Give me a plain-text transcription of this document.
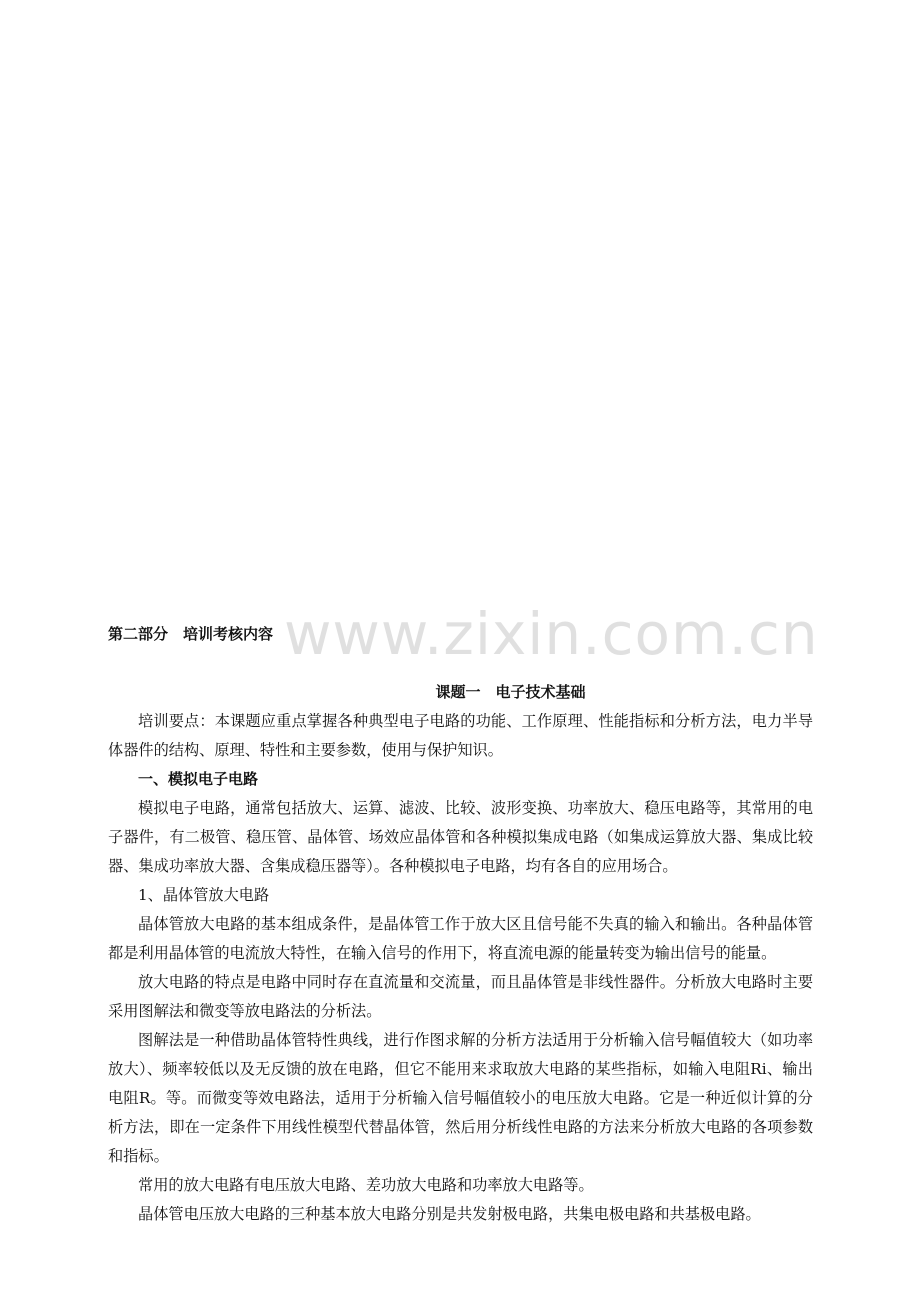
www.zixin.com.cn
第二部分　培训考核内容
课题一　电子技术基础

培训要点：本课题应重点掌握各种典型电子电路的功能、工作原理、性能指标和分析方法，电力半导体器件的结构、原理、特性和主要参数，使用与保护知识。

一、模拟电子电路

模拟电子电路，通常包括放大、运算、滤波、比较、波形变换、功率放大、稳压电路等，其常用的电子器件，有二极管、稳压管、晶体管、场效应晶体管和各种模拟集成电路（如集成运算放大器、集成比较器、集成功率放大器、含集成稳压器等）。各种模拟电子电路，均有各自的应用场合。

1、晶体管放大电路

晶体管放大电路的基本组成条件，是晶体管工作于放大区且信号能不失真的输入和输出。各种晶体管都是利用晶体管的电流放大特性，在输入信号的作用下，将直流电源的能量转变为输出信号的能量。

放大电路的特点是电路中同时存在直流量和交流量，而且晶体管是非线性器件。分析放大电路时主要采用图解法和微变等放电路法的分析法。

图解法是一种借助晶体管特性典线，进行作图求解的分析方法适用于分析输入信号幅值较大（如功率放大）、频率较低以及无反馈的放在电路，但它不能用来求取放大电路的某些指标，如输入电阻Ri、输出电阻R。等。而微变等效电路法，适用于分析输入信号幅值较小的电压放大电路。它是一种近似计算的分析方法，即在一定条件下用线性模型代替晶体管，然后用分析线性电路的方法来分析放大电路的各项参数和指标。

常用的放大电路有电压放大电路、差功放大电路和功率放大电路等。

晶体管电压放大电路的三种基本放大电路分别是共发射极电路，共集电极电路和共基极电路。
